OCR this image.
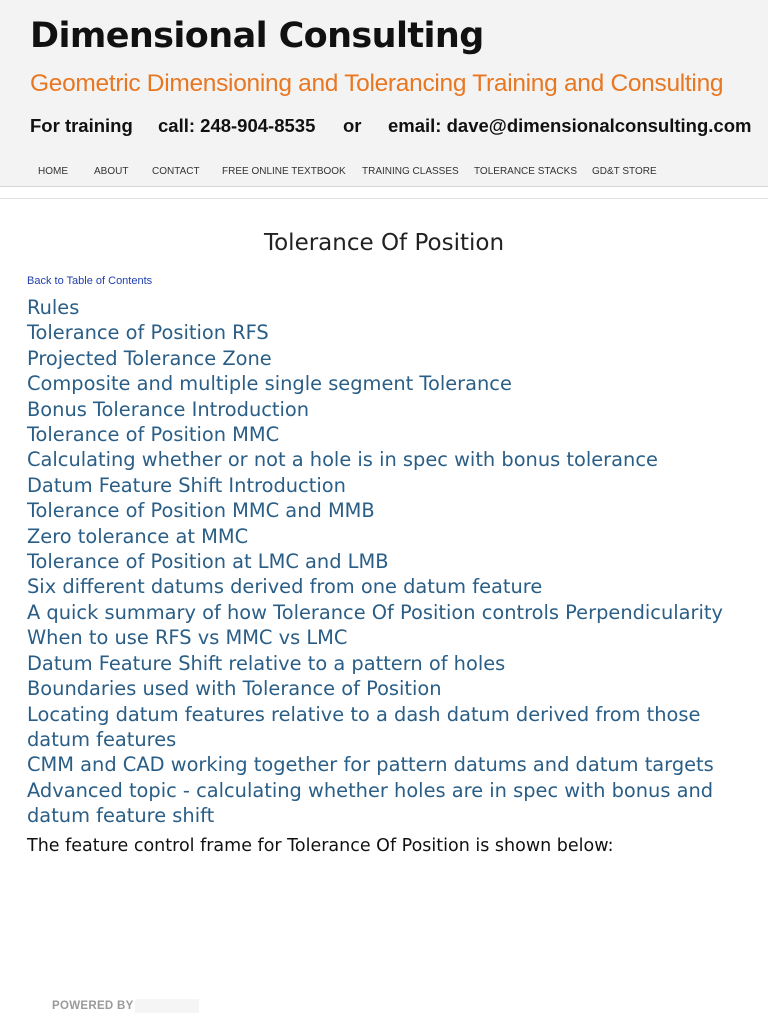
Dimensional Consulting
Geometric Dimensioning and Tolerancing Training and Consulting
For training call: 248-904-8535 or email: dave@dimensionalconsulting.com
HOME	ABOUT CONTACT FREE ONLINE TEXTBOOK TRAINING CLASSES TOLERANCE STACKS GD&T STORE
Tolerance Of Position
Back to Table of Contents
Rules
Tolerance of Position RFS
Projected Tolerance Zone
Composite and multiple single segment Tolerance
Bonus Tolerance Introduction
Tolerance of Position MMC
Calculating whether or not a hole is in spec with bonus tolerance
Datum Feature Shift Introduction
Tolerance of Position MMC and MMB
Zero tolerance at MMC
Tolerance of Position at LMC and LMB
Six different datums derived from one datum feature
A quick summary of how Tolerance Of Position controls Perpendicularity
When to use RFS vs MMC vs LMC
Datum Feature Shift relative to a pattern of holes
Boundaries used with Tolerance of Position
Locating datum features relative to a dash datum derived from those datum features
CMM and CAD working together for pattern datums and datum targets
Advanced topic - calculating whether holes are in spec with bonus and datum feature shift
The feature control frame for Tolerance Of Position is shown below:
POWERED BY
